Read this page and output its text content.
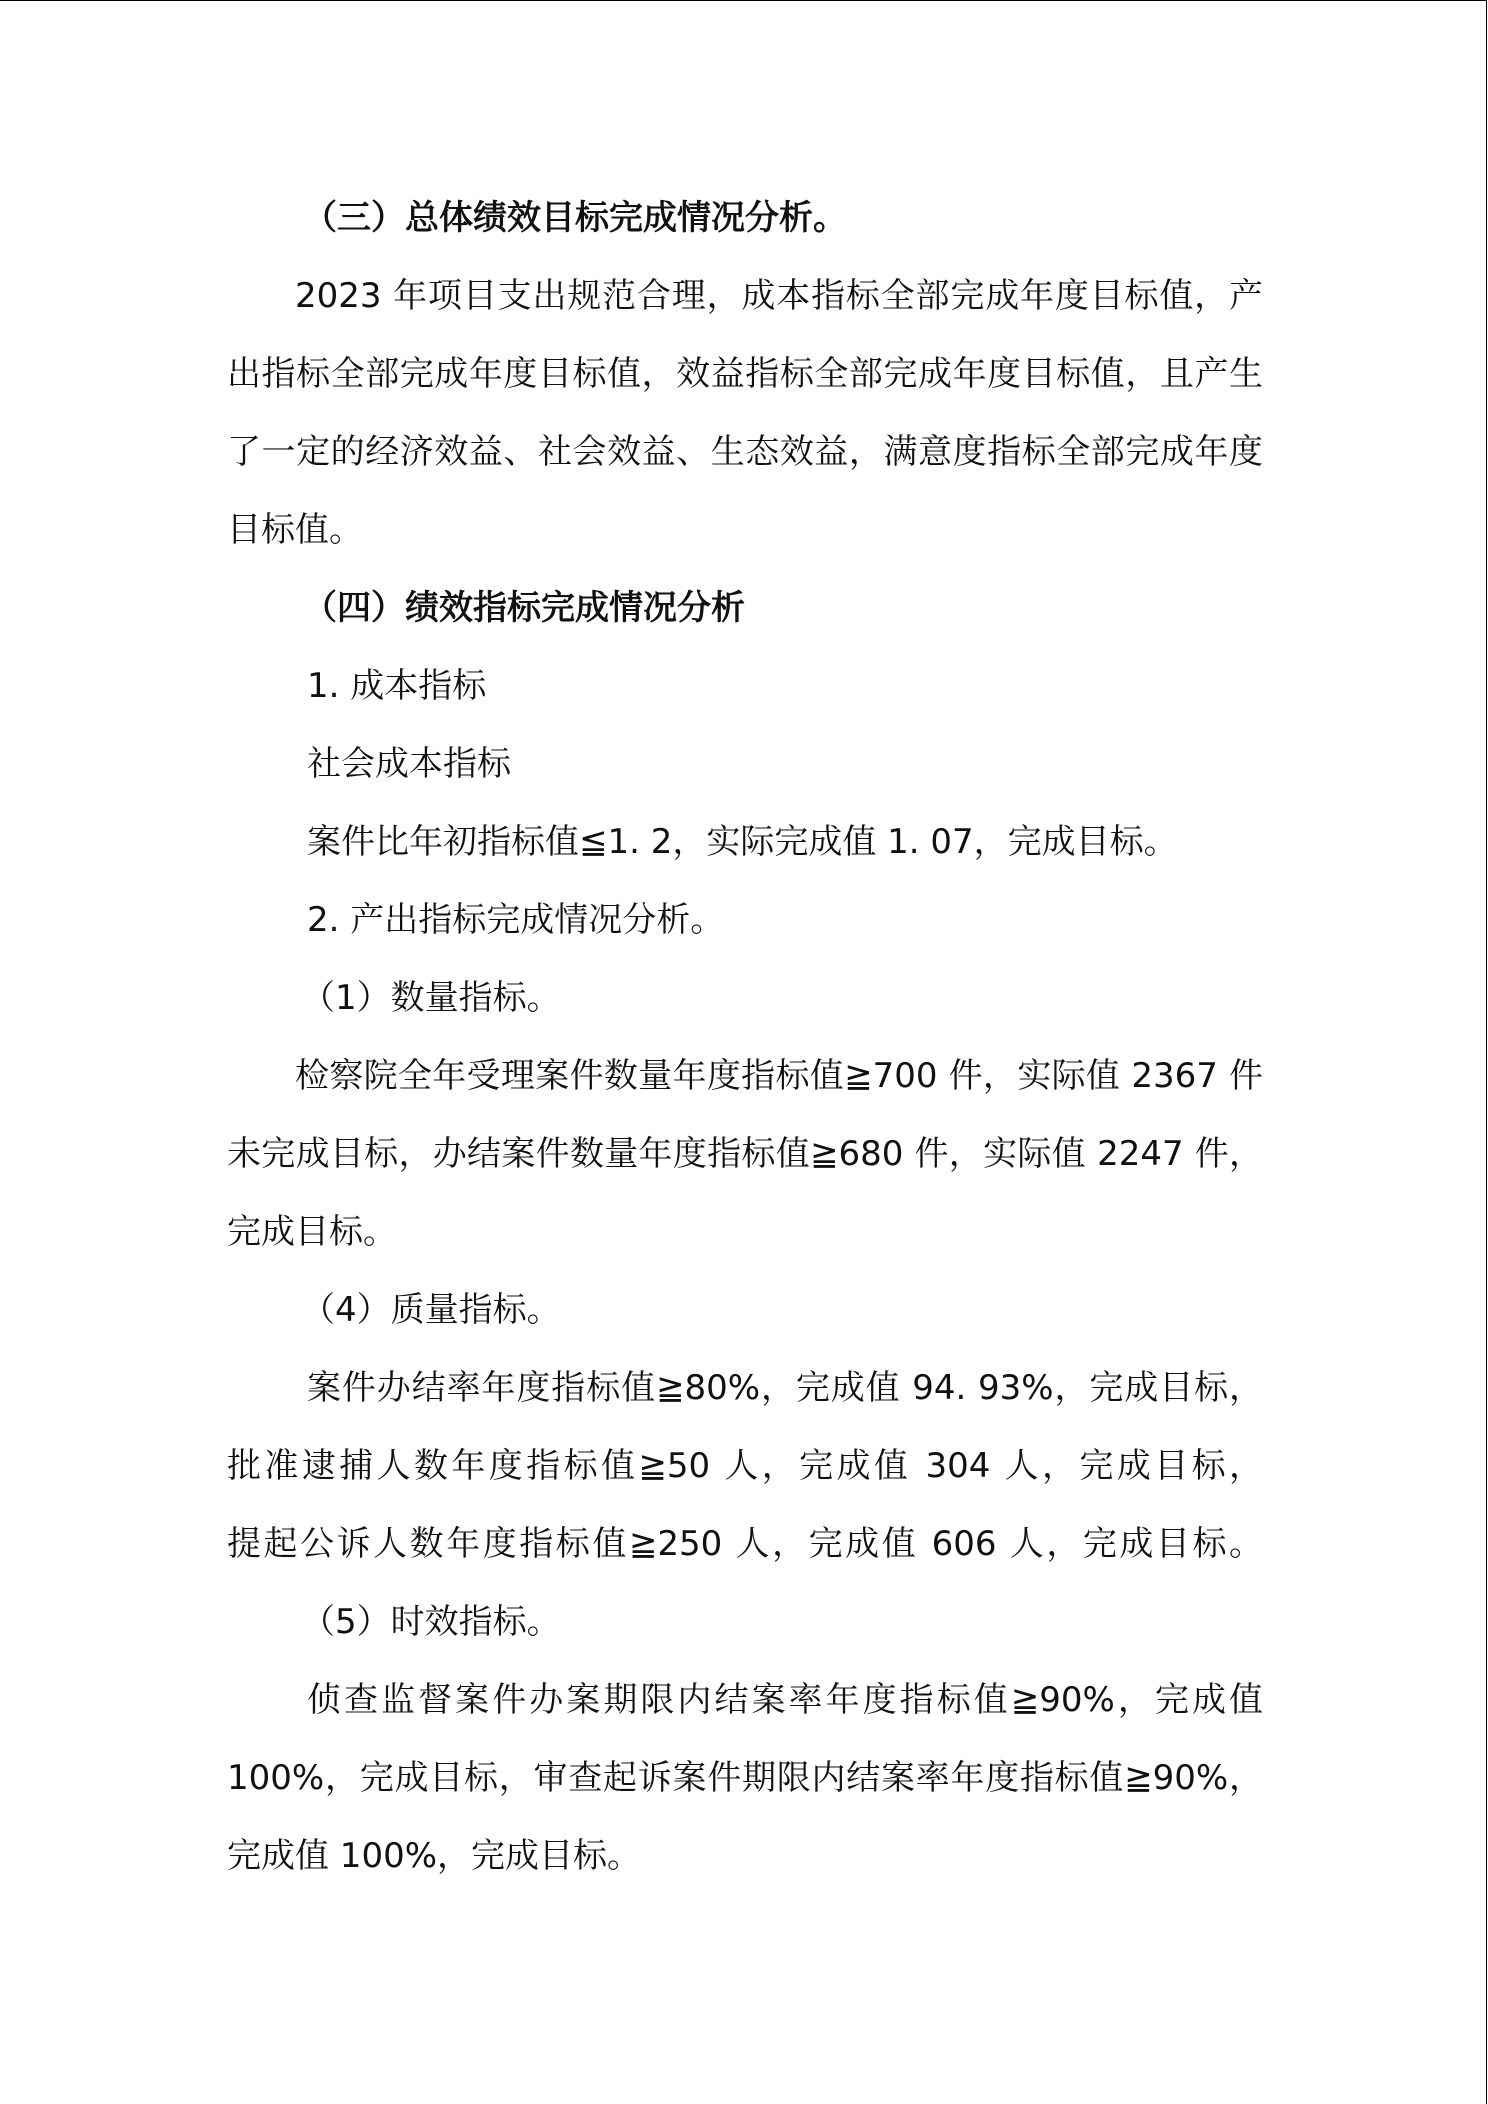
（三）总体绩效目标完成情况分析。
2023 年项目支出规范合理，成本指标全部完成年度目标值，产
出指标全部完成年度目标值，效益指标全部完成年度目标值，且产生
了一定的经济效益、社会效益、生态效益，满意度指标全部完成年度
目标值。
（四）绩效指标完成情况分析
1. 成本指标
社会成本指标
案件比年初指标值≦1. 2，实际完成值 1. 07，完成目标。
2. 产出指标完成情况分析。
（1）数量指标。
检察院全年受理案件数量年度指标值≧700 件，实际值 2367 件
未完成目标，办结案件数量年度指标值≧680 件，实际值 2247 件，
完成目标。
（4）质量指标。
案件办结率年度指标值≧80%，完成值 94. 93%，完成目标，
批准逮捕人数年度指标值≧50 人，完成值 304 人，完成目标，
提起公诉人数年度指标值≧250 人，完成值 606 人，完成目标。
（5）时效指标。
侦查监督案件办案期限内结案率年度指标值≧90%，完成值
100%，完成目标，审查起诉案件期限内结案率年度指标值≧90%，
完成值 100%，完成目标。
